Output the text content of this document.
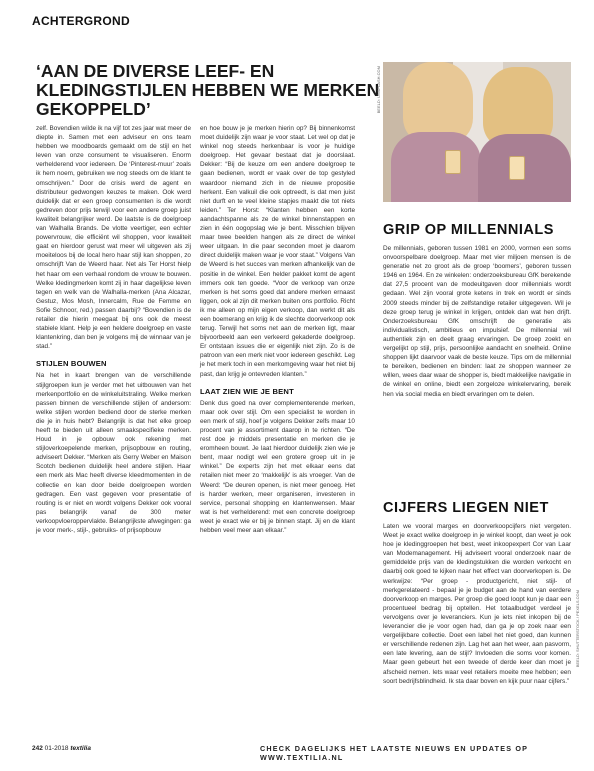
ACHTERGROND
‘AAN DE DIVERSE LEEF- EN KLEDINGSTIJLEN HEBBEN WE MERKEN GEKOPPELD’

zelf. Bovendien wilde ik na vijf tot zes jaar wat meer de diepte in. Samen met een adviseur en ons team hebben we moodboards gemaakt om de stijl en het leven van onze consument te visualiseren. Enorm verhelderend voor iedereen. De ‘Pinterest-muur’ zoals ik hem noem, gebruiken we nog steeds om de klant te omschrijven.” Door de crisis werd de agent en distributeur gedwongen keuzes te maken. Ook werd duidelijk dat er een groep consumenten is die wordt gedreven door prijs terwijl voor een andere groep juist kwaliteit belangrijker werd. De laatste is de doelgroep van Walhalla Brands. De vlotte veertiger, een echter powervrouw, die efficiënt wil shoppen, voor kwaliteit gaat en hierdoor gerust wat meer wil uitgeven als zij moeiteloos bij de local hero haar stijl kan shoppen, zo omschrijft Van de Weerd haar. Net als Ter Horst hielp het haar om een verhaal rondom de vrouw te bouwen. Welke kledingmerken komt zij in haar dagelijkse leven tegen en welk van de Walhalla-merken (Ana Alcazar, Gestuz, Mos Mosh, Innercalm, Rue de Femme en Sofie Schnoor, red.) passen daarbij? “Bovendien is de retailer die hierin meegaat bij ons ook de meest stabiele klant. Help je een heldere doelgroep en vaste klantenkring, dan ben je volgens mij de winnaar van je stad.”

STIJLEN BOUWEN

Na het in kaart brengen van de verschillende stijlgroepen kun je verder met het uitbouwen van het merkenportfolio en de winkeluitstraling. Welke merken passen binnen de verschillende stijlen of andersom: welke stijlen worden bediend door de sterke merken die je in huis hebt? Belangrijk is dat het elke groep heeft te bieden uit alleen smaakspecifieke merken. Houd in je opbouw ook rekening met stijloverkoepelende merken, prijsopbouw en routing, adviseert Dekker. “Merken als Gerry Weber en Maison Scotch bedienen duidelijk heel andere stijlen. Haar een merk als Mac heeft diverse kleedmomenten in de collectie en kan door beide doelgroepen worden gedragen. Een vast gegeven voor presentatie of routing is er niet en wordt volgens Dekker ook vooral pas belangrijk vanaf de 300 meter verkoopvloeroppervlakte. Belangrijkste afwegingen: ga je voor merk-, stijl-, gebruiks- of prijsopbouw

en hoe bouw je je merken hierin op? Bij binnenkomst moet duidelijk zijn waar je voor staat. Let wel op dat je winkel nog steeds herkenbaar is voor je huidige doelgroep. Het gevaar bestaat dat je doorslaat. Dekker: “Bij de keuze om een andere doelgroep te gaan bedienen, wordt er vaak over de top gestyled waardoor niemand zich in de nieuwe propositie herkent. Een valkuil die ook optreedt, is dat men juist niet durft en te veel kleine stapjes maakt die tot niets leiden.” Ter Horst: “Klanten hebben een korte aandachtspanne als ze de winkel binnenstappen en zien in één oogopslag wie je bent. Misschien blijven maar twee beelden hangen als ze direct de winkel weer uitgaan. In die paar seconden moet je daarom direct duidelijk maken waar je voor staat.” Volgens Van de Weerd is het succes van merken afhankelijk van de positie in de winkel. Een helder pakket komt de agent immers ook ten goede. “Voor de verkoop van onze merken is het soms goed dat andere merken ernaast liggen, ook al zijn dit merken buiten ons portfolio. Richt ik me alleen op mijn eigen verkoop, dan werkt dit als een boemerang en krijg ik de slechte doorverkoop ook terug. Terwijl het soms net aan de merken ligt, maar bijvoorbeeld aan een verkeerd gekaderde doelgroep. Er ontstaan issues die er eigenlijk niet zijn. Zo is de patroon van een merk niet voor iedereen geschikt. Leg je het merk toch in een merkomgeving waar het niet bij past, dan krijg je ontevreden klanten.”

LAAT ZIEN WIE JE BENT

Denk dus goed na over complementerende merken, maar ook over stijl. Om een specialist te worden in een merk of stijl, hoef je volgens Dekker zelfs maar 10 procent van je assortiment daarop in te richten. “De rest doe je middels presentatie en merken die je eromheen bouwt. Je laat hierdoor duidelijk zien wie je bent, maar nodigt wel een grotere groep uit in je winkel.” De experts zijn het met elkaar eens dat retailen niet meer zo ‘makkelijk’ is als vroeger. Van de Weerd: “De deuren openen, is niet meer genoeg. Het is harder werken, meer organiseren, investeren in service, personal shopping en klantenwensen. Maar wat is het verhelderend: met een concrete doelgroep weet je exact wie er bij je binnen stapt. Jij en de klant hebben veel meer aan elkaar.”

BEELD: UNSPLASH.COM
GRIP OP MILLENNIALS

De millennials, geboren tussen 1981 en 2000, vormen een soms onvoorspelbare doelgroep. Maar met vier miljoen mensen is de generatie net zo groot als de groep ‘boomers’, geboren tussen 1946 en 1964. En ze winkelen: onderzoeksbureau GfK berekende dat 27,5 procent van de modeuitgaven door millennials wordt gedaan. Wel zijn vooral grote ketens in trek en wordt er sinds 2009 steeds minder bij de zelfstandige retailer uitgegeven. Wil je deze groep terug je winkel in krijgen, ontdek dan wat hen drijft. Onderzoeksbureau GfK omschrijft de generatie als individualistisch, ambitieus en impulsief. De millennial wil authentiek zijn en deelt graag ervaringen. De groep zoekt en vergelijkt op stijl, prijs, persoonlijke aandacht en snelheid. Online shoppen lijkt daarvoor vaak de beste keuze. Tips om de millennial te bereiken, bedienen en binden: laat ze shoppen wanneer ze willen, wees daar waar de shopper is, biedt makkelijke navigatie in de winkel en online, biedt een zorgeloze winkelervaring, bereik hen via social media en biedt ervaringen om te delen.

CIJFERS LIEGEN NIET

Laten we vooral marges en doorverkoopcijfers niet vergeten. Weet je exact welke doelgroep in je winkel koopt, dan weet je ook hoe je kledinggroepen het best, weet inkoopexpert Cor van Laar van Modemanagement. Hij adviseert vooral onderzoek naar de gemiddelde prijs van de kledingstukken die worden verkocht en daarbij ook goed te kijken naar het effect van doorverkopen is. De werkwijze: “Per groep - productgericht, niet stijl- of merkgerelateerd - bepaal je je budget aan de hand van eerdere doorverkoop en marges. Per groep die goed loopt kun je daar een procentueel bedrag bij optellen. Het totaalbudget verdeel je vervolgens over je leveranciers. Kun je iets niet inkopen bij de leverancier die je voor ogen had, dan ga je op zoek naar een vergelijkbare collectie. Doet een label het niet goed, dan kunnen er verschillende redenen zijn. Lag het aan het weer, aan pasvorm, een late levering, aan de stijl? Invloeden die soms voor komen. Maar geen gebeurt het een tweede of derde keer dan moet je afscheid nemen. Iets waar veel retailers moeite mee hebben; een soort bedrijfsblindheid. Ik sta daar boven en kijk puur naar cijfers.”

BEELD: SHUTTERSTOCK / PEXELS.COM
242 01-2018 textilia	CHECK DAGELIJKS HET LAATSTE NIEUWS EN UPDATES OP WWW.TEXTILIA.NL
